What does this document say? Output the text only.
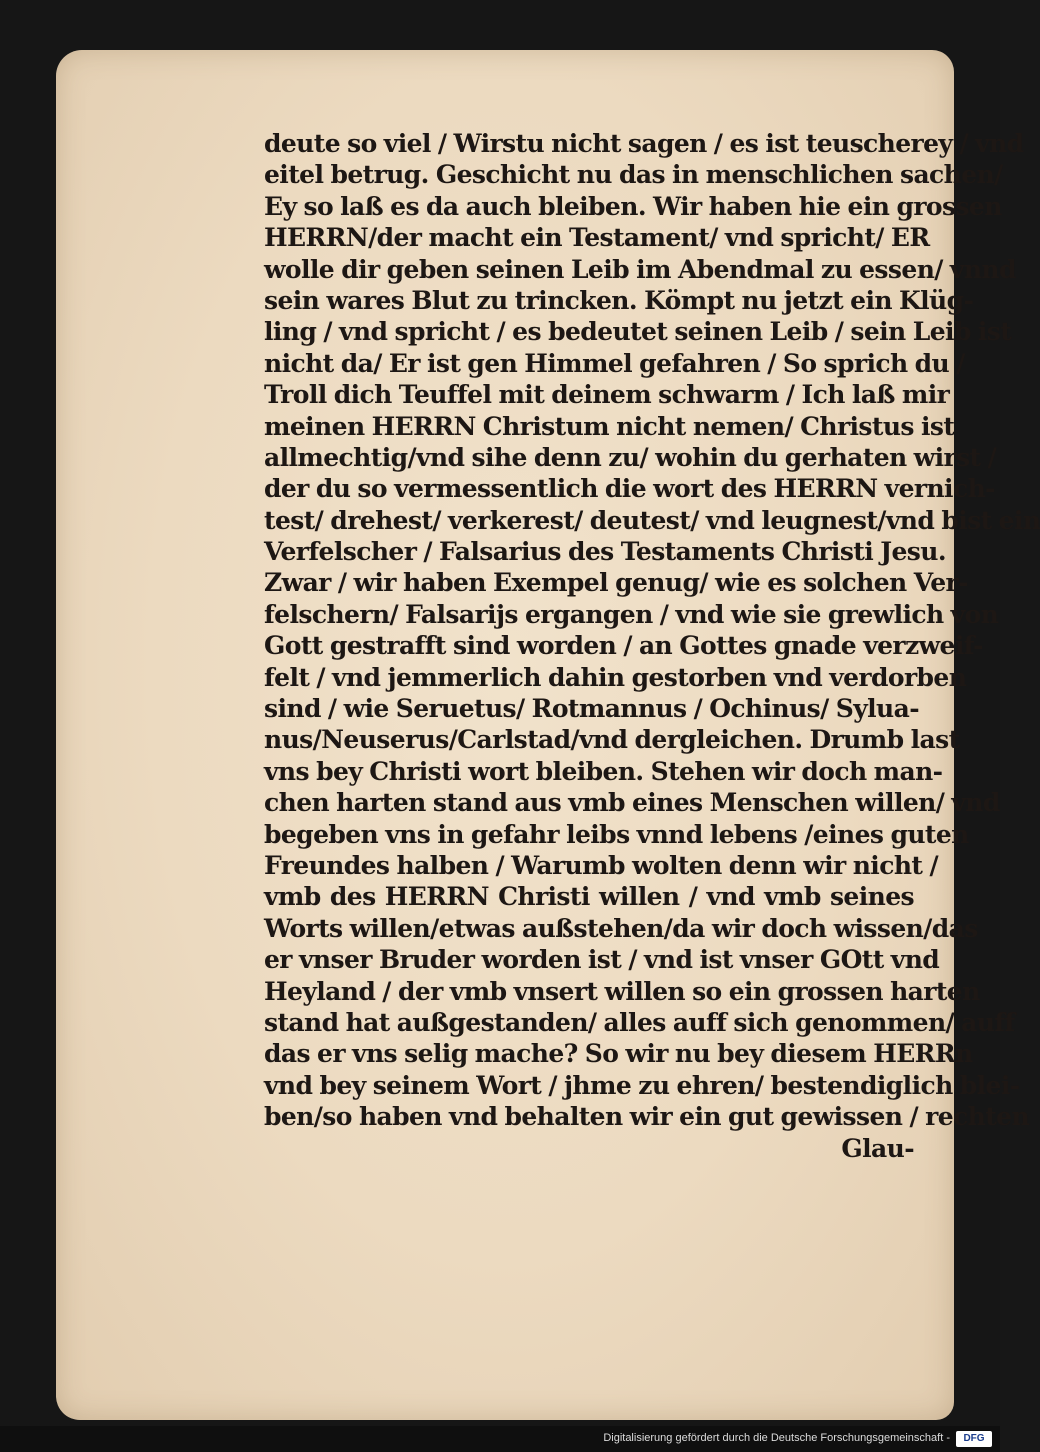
deute so viel / Wirstu nicht sagen / es ist teuscherey / vnd
eitel betrug. Geschicht nu das in menschlichen sachen/
Ey so laß es da auch bleiben. Wir haben hie ein grossen
HERRN/der macht ein Testament/ vnd spricht/ ER
wolle dir geben seinen Leib im Abendmal zu essen/ vnnd
sein wares Blut zu trincken. Kömpt nu jetzt ein Klüg-
ling / vnd spricht / es bedeutet seinen Leib / sein Leib ist
nicht da/ Er ist gen Himmel gefahren / So sprich du /
Troll dich Teuffel mit deinem schwarm / Ich laß mir
meinen HERRN Christum nicht nemen/ Christus ist
allmechtig/vnd sihe denn zu/ wohin du gerhaten wirst /
der du so vermessentlich die wort des HERRN vernich-
test/ drehest/ verkerest/ deutest/ vnd leugnest/vnd bist ein
Verfelscher / Falsarius des Testaments Christi Jesu.
Zwar / wir haben Exempel genug/ wie es solchen Ver-
felschern/ Falsarijs ergangen / vnd wie sie grewlich von
Gott gestrafft sind worden / an Gottes gnade verzweif-
felt / vnd jemmerlich dahin gestorben vnd verdorben
sind / wie Seruetus/ Rotmannus / Ochinus/ Sylua-
nus/Neuserus/Carlstad/vnd dergleichen. Drumb last
vns bey Christi wort bleiben. Stehen wir doch man-
chen harten stand aus vmb eines Menschen willen/ vnd
begeben vns in gefahr leibs vnnd lebens /eines guten
Freundes halben / Warumb wolten denn wir nicht /
vmb des HERRN Christi willen / vnd vmb seines
Worts willen/etwas außstehen/da wir doch wissen/das
er vnser Bruder worden ist / vnd ist vnser GOtt vnd
Heyland / der vmb vnsert willen so ein grossen harten
stand hat außgestanden/ alles auff sich genommen/ auff
das er vns selig mache? So wir nu bey diesem HERRn
vnd bey seinem Wort / jhme zu ehren/ bestendiglich blei-
ben/so haben vnd behalten wir ein gut gewissen / rechten
Glau-
Digitalisierung gefördert durch die Deutsche Forschungsgemeinschaft -	DFG
